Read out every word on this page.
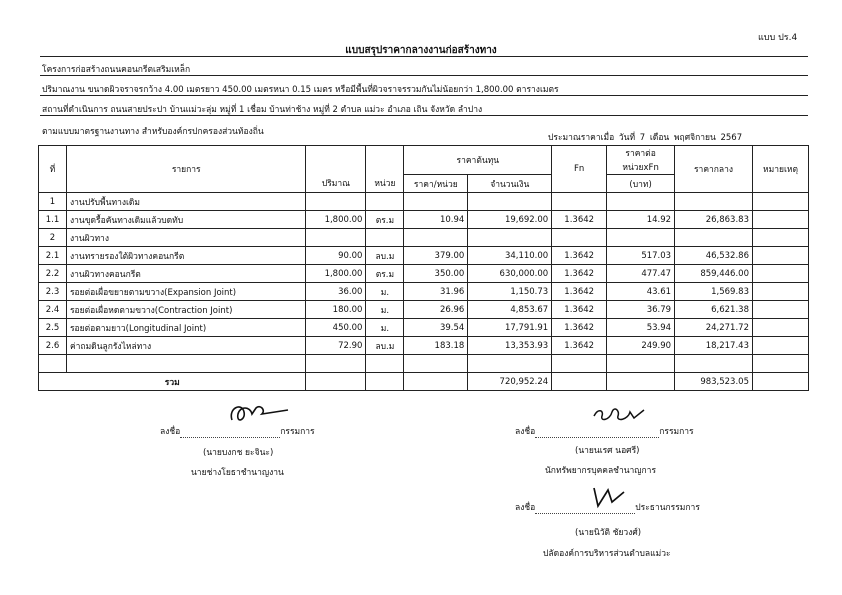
แบบ ปร.4
แบบสรุปราคากลางงานก่อสร้างทาง
โครงการก่อสร้างถนนคอนกรีตเสริมเหล็ก
ปริมาณงาน ขนาดผิวจราจรกว้าง 4.00 เมตรยาว 450.00 เมตรหนา 0.15 เมตร หรือมีพื้นที่ผิวจราจรรวมกันไม่น้อยกว่า 1,800.00 ตารางเมตร
สถานที่ดำเนินการ ถนนสายประปา บ้านแม่วะลุ่ม หมู่ที่ 1 เชื่อม บ้านท่าช้าง หมู่ที่ 2 ตำบล แม่วะ อำเภอ เถิน จังหวัด ลำปาง
ตามแบบมาตรฐานงานทาง สำหรับองค์กรปกครองส่วนท้องถิ่น
ประมาณราคาเมื่อ วันที่ 7 เดือน พฤศจิกายน 2567
ที่	รายการ			ราคาต้นทุน		Fn	ราคาต่อหน่วยxFn	ราคากลาง	หมายเหตุ
		ปริมาณ	หน่วย	ราคา/หน่วย	จำนวนเงิน		(บาท)		
1	งานปรับพื้นทางเดิม								
1.1	งานขุดรื้อคันทางเดิมแล้วบดทับ	1,800.00	ตร.ม	10.94	19,692.00	1.3642	14.92	26,863.83	
2	งานผิวทาง								
2.1	งานทรายรองใต้ผิวทางคอนกรีต	90.00	ลบ.ม	379.00	34,110.00	1.3642	517.03	46,532.86	
2.2	งานผิวทางคอนกรีต	1,800.00	ตร.ม	350.00	630,000.00	1.3642	477.47	859,446.00	
2.3	รอยต่อเผื่อขยายตามขวาง(Expansion Joint)	36.00	ม.	31.96	1,150.73	1.3642	43.61	1,569.83	
2.4	รอยต่อเผื่อหดตามขวาง(Contraction Joint)	180.00	ม.	26.96	4,853.67	1.3642	36.79	6,621.38	
2.5	รอยต่อตามยาว(Longitudinal Joint)	450.00	ม.	39.54	17,791.91	1.3642	53.94	24,271.72	
2.6	ค่าถมดินลูกรังไหล่ทาง	72.90	ลบ.ม	183.18	13,353.93	1.3642	249.90	18,217.43	

รวม					720,952.24			983,523.05	
ลงชื่อ	กรรมการ
(นายบงกช ยะจินะ)
นายช่างโยธาชำนาญงาน
ลงชื่อ	กรรมการ
(นายนเรศ นอศรี)
นักทรัพยากรบุคคลชำนาญการ
ลงชื่อ	ประธานกรรมการ
(นายนิวัติ ชัยวงศ์)
ปลัดองค์การบริหารส่วนตำบลแม่วะ
